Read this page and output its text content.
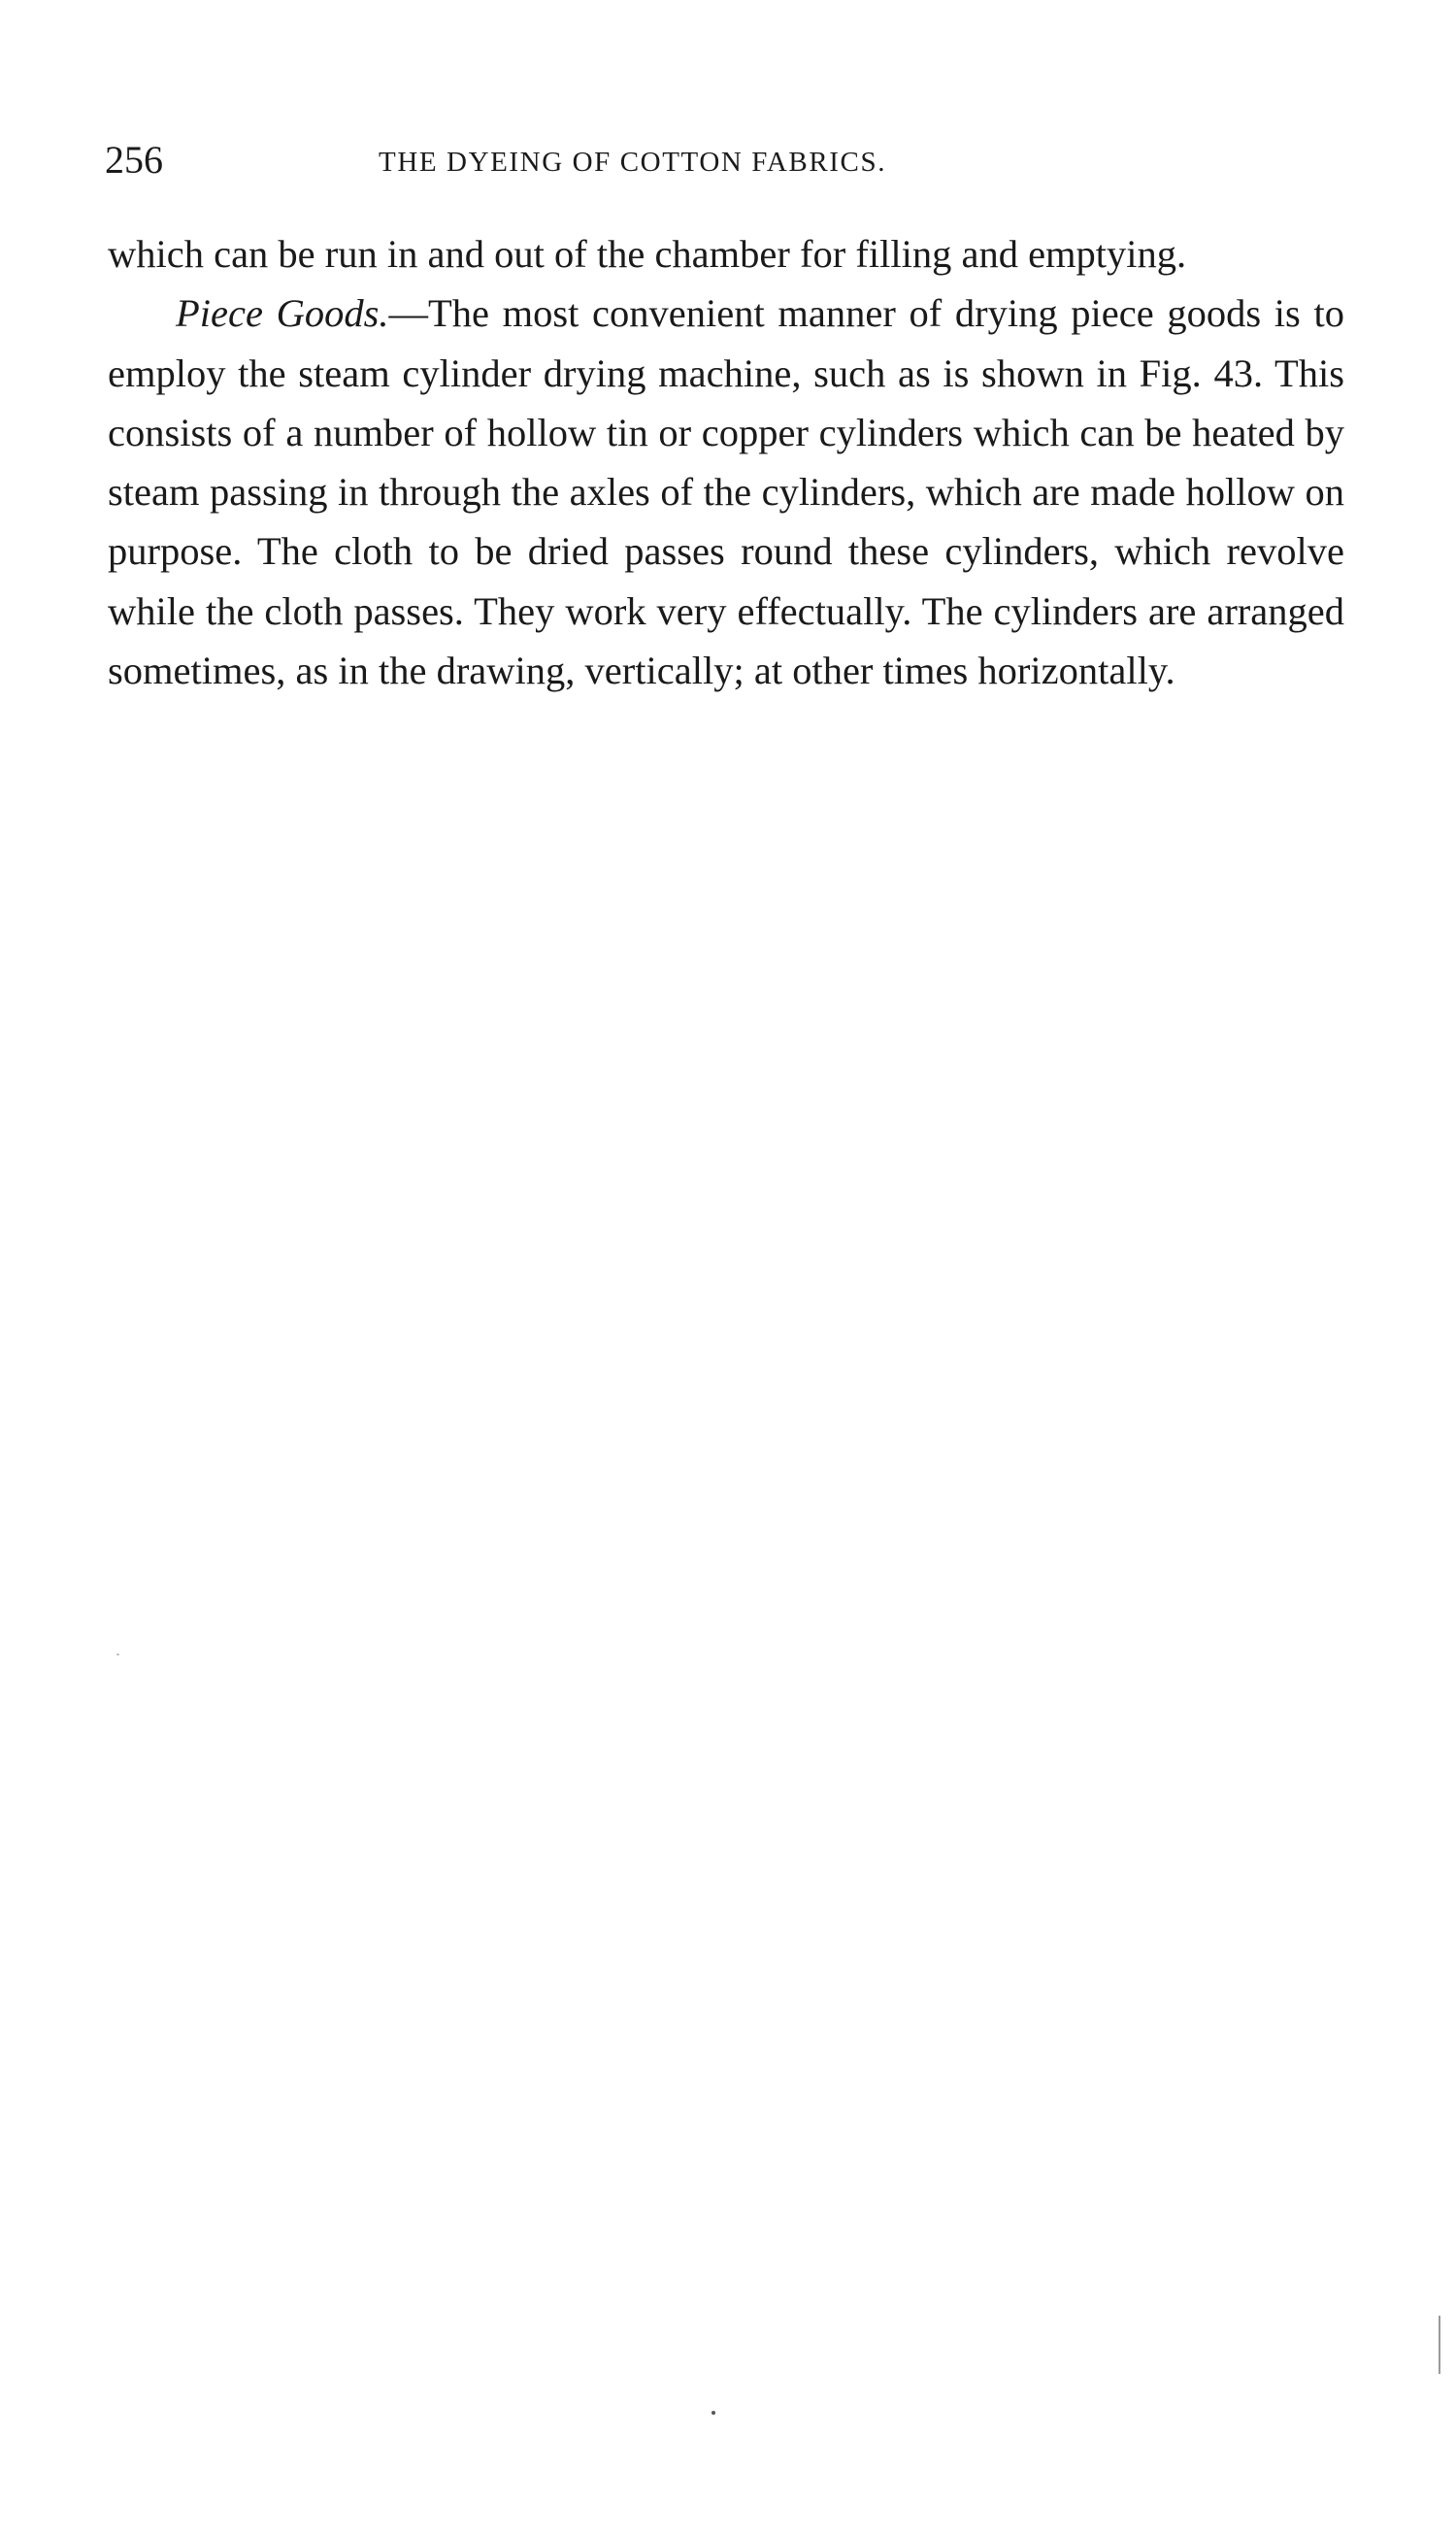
256	THE DYEING OF COTTON FABRICS.

which can be run in and out of the chamber for filling and emptying.

Piece Goods.—The most convenient manner of drying piece goods is to employ the steam cylinder drying machine, such as is shown in Fig. 43. This consists of a number of hollow tin or copper cylinders which can be heated by steam passing in through the axles of the cylinders, which are made hollow on purpose. The cloth to be dried passes round these cylinders, which revolve while the cloth passes. They work very effectually. The cylinders are arranged sometimes, as in the drawing, vertically; at other times horizontally.
